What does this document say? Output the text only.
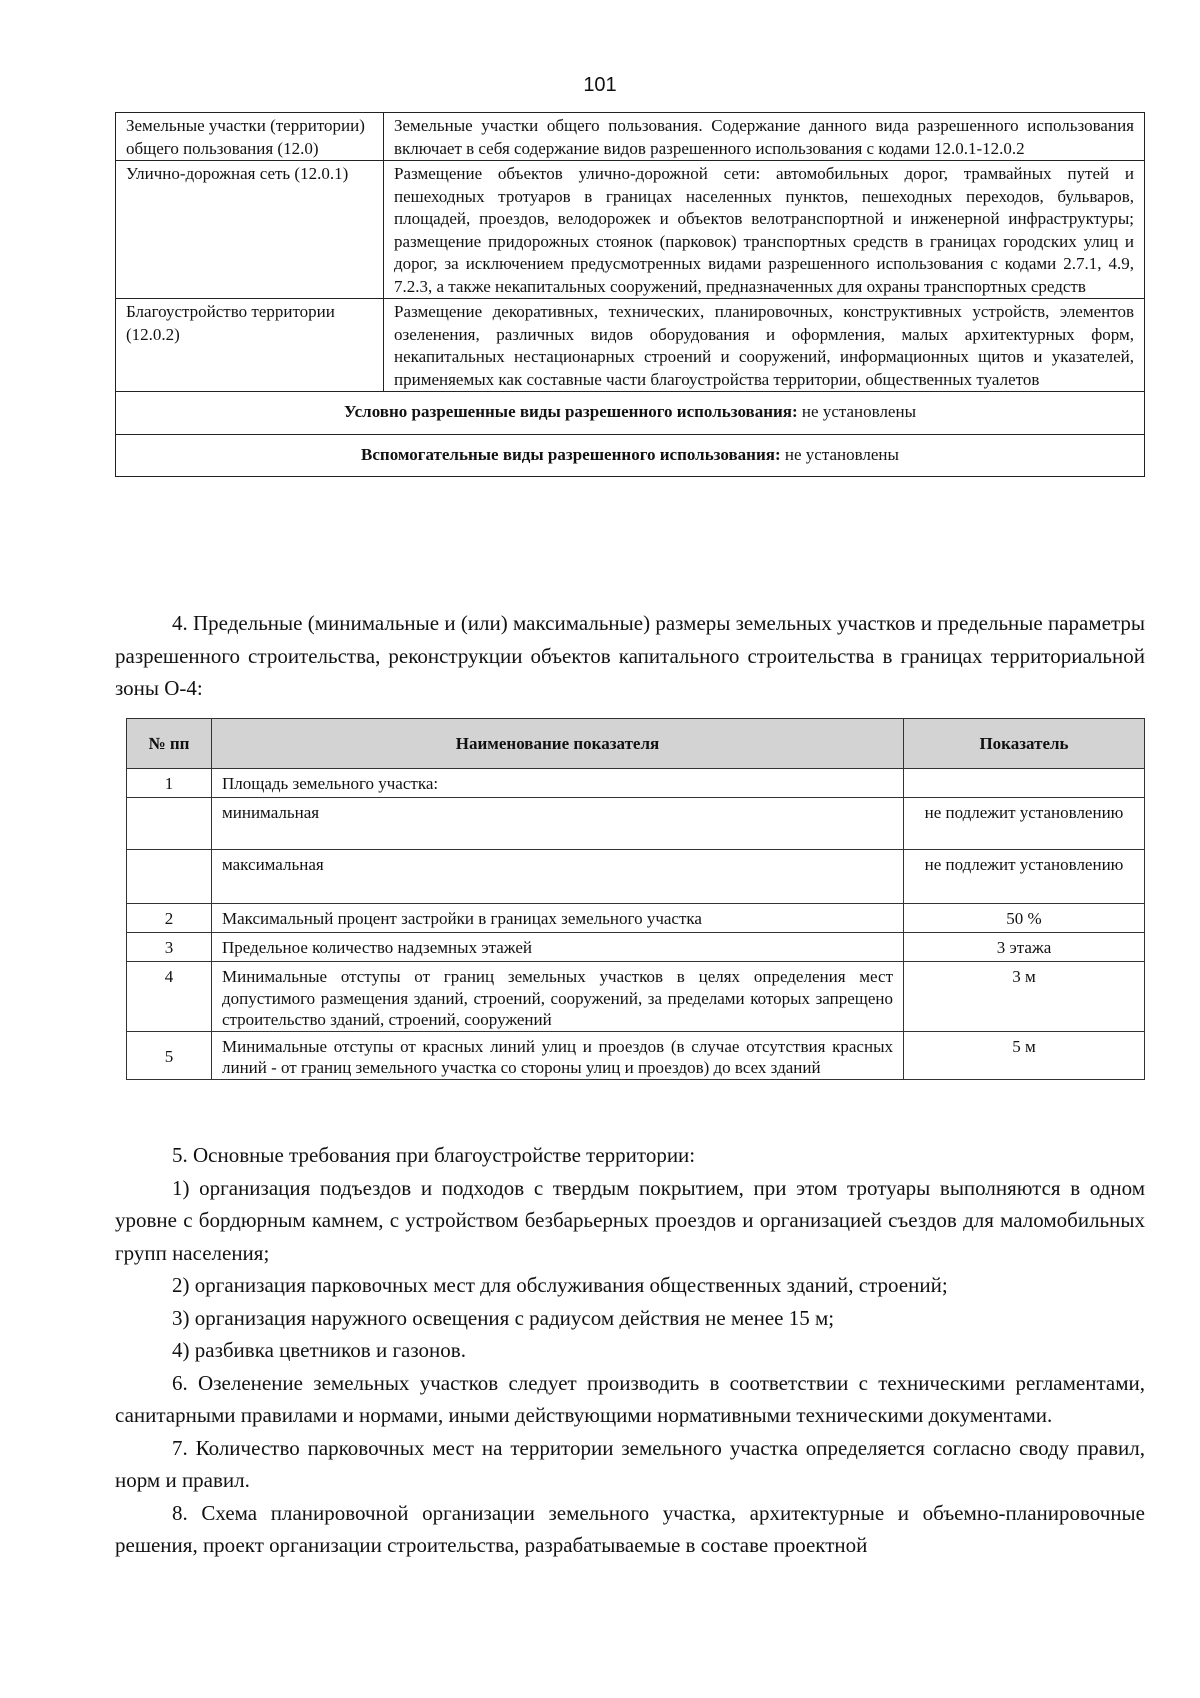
101
Земельные участки (территории) общего пользования (12.0)	Земельные участки общего пользования. Содержание данного вида разрешенного использования включает в себя содержание видов разрешенного использования с кодами 12.0.1-12.0.2
Улично-дорожная сеть (12.0.1)	Размещение объектов улично-дорожной сети: автомобильных дорог, трамвайных путей и пешеходных тротуаров в границах населенных пунктов, пешеходных переходов, бульваров, площадей, проездов, велодорожек и объектов велотранспортной и инженерной инфраструктуры; размещение придорожных стоянок (парковок) транспортных средств в границах городских улиц и дорог, за исключением предусмотренных видами разрешенного использования с кодами 2.7.1, 4.9, 7.2.3, а также некапитальных сооружений, предназначенных для охраны транспортных средств
Благоустройство территории (12.0.2)	Размещение декоративных, технических, планировочных, конструктивных устройств, элементов озеленения, различных видов оборудования и оформления, малых архитектурных форм, некапитальных нестационарных строений и сооружений, информационных щитов и указателей, применяемых как составные части благоустройства территории, общественных туалетов
Условно разрешенные виды разрешенного использования: не установлены	
Вспомогательные виды разрешенного использования: не установлены	
4. Предельные (минимальные и (или) максимальные) размеры земельных участков и предельные параметры разрешенного строительства, реконструкции объектов капитального строительства в границах территориальной зоны О-4:
№ пп	Наименование показателя	Показатель
1	Площадь земельного участка:	
	минимальная	не подлежит установлению
	максимальная	не подлежит установлению
2	Максимальный процент застройки в границах земельного участка	50 %
3	Предельное количество надземных этажей	3 этажа
4	Минимальные отступы от границ земельных участков в целях определения мест допустимого размещения зданий, строений, сооружений, за пределами которых запрещено строительство зданий, строений, сооружений	3 м
5	Минимальные отступы от красных линий улиц и проездов (в случае отсутствия красных линий - от границ земельного участка со стороны улиц и проездов) до всех зданий	5 м

5. Основные требования при благоустройстве территории:

1) организация подъездов и подходов с твердым покрытием, при этом тротуары выполняются в одном уровне с бордюрным камнем, с устройством безбарьерных проездов и организацией съездов для маломобильных групп населения;

2) организация парковочных мест для обслуживания общественных зданий, строений;

3) организация наружного освещения с радиусом действия не менее 15 м;

4) разбивка цветников и газонов.

6. Озеленение земельных участков следует производить в соответствии с техническими регламентами, санитарными правилами и нормами, иными действующими нормативными техническими документами.

7. Количество парковочных мест на территории земельного участка определяется согласно своду правил, норм и правил.

8. Схема планировочной организации земельного участка, архитектурные и объемно-планировочные решения, проект организации строительства, разрабатываемые в составе проектной
